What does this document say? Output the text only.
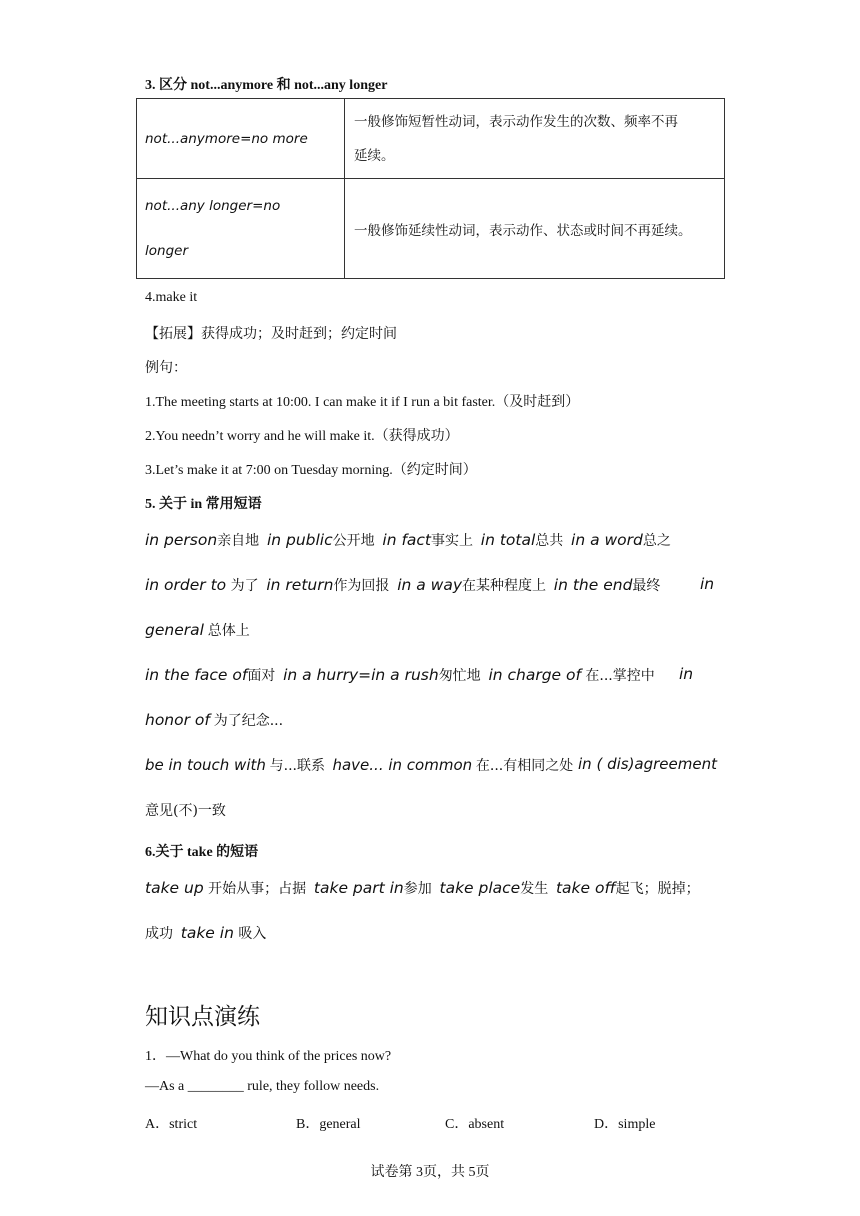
3. 区分 not...anymore 和 not...any longer
not...anymore=no more	一般修饰短暂性动词，表示动作发生的次数、频率不再
延续。

not...any longer=no
longer	一般修饰延续性动词，表示动作、状态或时间不再延续。
4.make it
【拓展】获得成功；及时赶到；约定时间
例句：
1.The meeting starts at 10:00. I can make it if I run a bit faster.（及时赶到）
2.You needn’t worry and he will make it.（获得成功）
3.Let’s make it at 7:00 on Tuesday morning.（约定时间）
5. 关于 in 常用短语
in person亲自地 in public公开地 in fact事实上 in total总共 in a word总之
in order to 为了 in return作为回报 in a way在某种程度上 in the end最终	in
general 总体上
in the face of面对 in a hurry=in a rush匆忙地 in charge of 在...掌控中 in
honor of 为了纪念...
be in touch with 与...联系 have... in common 在...有相同之处 in ( dis)agreement
意见(不)一致
6.关于 take 的短语
take up 开始从事；占据 take part in参加 take place发生 take off起飞；脱掉；
成功 take in 吸入
知识点演练
1．—What do you think of the prices now?
—As a ________ rule, they follow needs.
A．strict	B．general	C．absent	D．simple
试卷第 3页，共 5页
